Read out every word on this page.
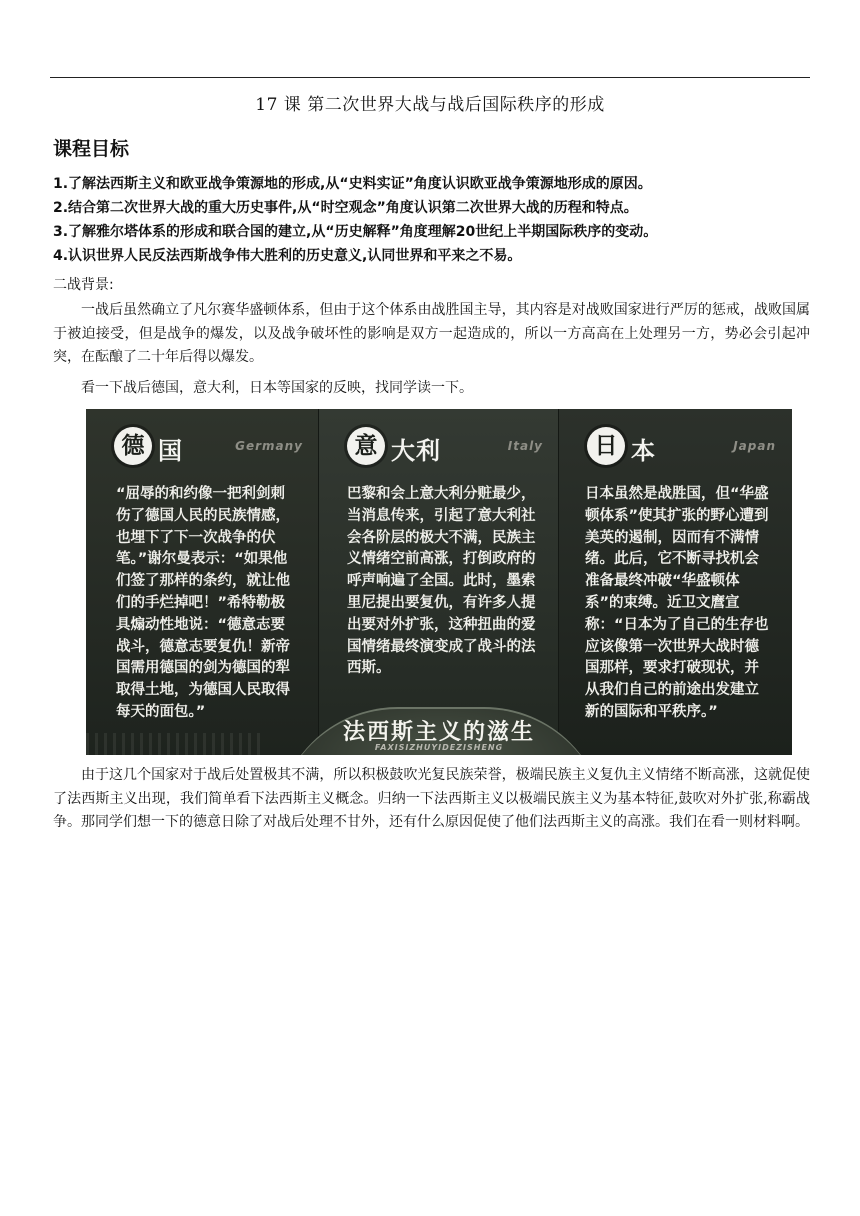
17 课 第二次世界大战与战后国际秩序的形成
课程目标
1.了解法西斯主义和欧亚战争策源地的形成,从“史料实证”角度认识欧亚战争策源地形成的原因。
2.结合第二次世界大战的重大历史事件,从“时空观念”角度认识第二次世界大战的历程和特点。
3.了解雅尔塔体系的形成和联合国的建立,从“历史解释”角度理解20世纪上半期国际秩序的变动。
4.认识世界人民反法西斯战争伟大胜利的历史意义,认同世界和平来之不易。
二战背景:

一战后虽然确立了凡尔赛华盛顿体系，但由于这个体系由战胜国主导，其内容是对战败国家进行严厉的惩戒，战败国属于被迫接受，但是战争的爆发，以及战争破坏性的影响是双方一起造成的，所以一方高高在上处理另一方，势必会引起冲突，在酝酿了二十年后得以爆发。

看一下战后德国，意大利，日本等国家的反映，找同学读一下。

德 国	Germany
“屈辱的和约像一把利剑刺伤了德国人民的民族情感，也埋下了下一次战争的伏笔。”谢尔曼表示：“如果他们签了那样的条约，就让他们的手烂掉吧！”希特勒极具煽动性地说：“德意志要战斗，德意志要复仇！新帝国需用德国的剑为德国的犁取得土地，为德国人民取得每天的面包。”
意 大利	Italy
巴黎和会上意大利分赃最少，当消息传来，引起了意大利社会各阶层的极大不满，民族主义情绪空前高涨，打倒政府的呼声响遍了全国。此时，墨索里尼提出要复仇，有许多人提出要对外扩张，这种扭曲的爱国情绪最终演变成了战斗的法西斯。
日 本	Japan
日本虽然是战胜国，但“华盛顿体系”使其扩张的野心遭到美英的遏制，因而有不满情绪。此后，它不断寻找机会准备最终冲破“华盛顿体系”的束缚。近卫文麿宣称：“日本为了自己的生存也应该像第一次世界大战时德国那样，要求打破现状，并从我们自己的前途出发建立新的国际和平秩序。”
法西斯主义的滋生
FAXISIZHUYIDEZISHENG

由于这几个国家对于战后处置极其不满，所以积极鼓吹光复民族荣誉，极端民族主义复仇主义情绪不断高涨，这就促使了法西斯主义出现，我们简单看下法西斯主义概念。归纳一下法西斯主义以极端民族主义为基本特征,鼓吹对外扩张,称霸战争。那同学们想一下的德意日除了对战后处理不甘外，还有什么原因促使了他们法西斯主义的高涨。我们在看一则材料啊。
